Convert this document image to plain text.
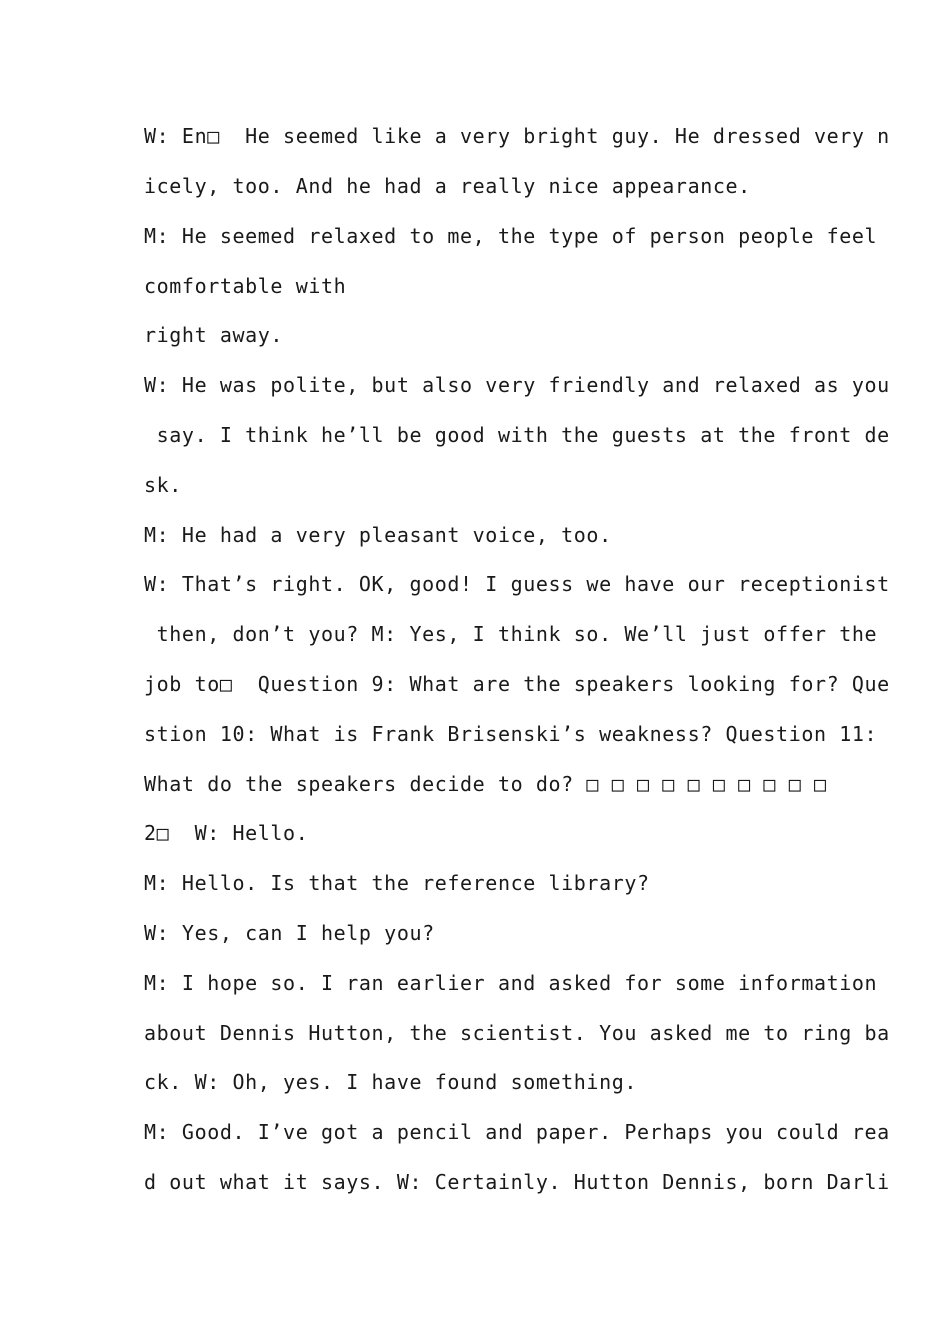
W: En□  He seemed like a very bright guy. He dressed very n
icely, too. And he had a really nice appearance.
M: He seemed relaxed to me, the type of person people feel
comfortable with
right away.
W: He was polite, but also very friendly and relaxed as you
say. I think he’ll be good with the guests at the front de
sk.
M: He had a very pleasant voice, too.
W: That’s right. OK, good! I guess we have our receptionist
then, don’t you? M: Yes, I think so. We’ll just offer the
job to□  Question 9: What are the speakers looking for? Que
stion 10: What is Frank Brisenski’s weakness? Question 11:
What do the speakers decide to do? □ □ □ □ □ □ □ □ □ □
2□  W: Hello.
M: Hello. Is that the reference library?
W: Yes, can I help you?
M: I hope so. I ran earlier and asked for some information
about Dennis Hutton, the scientist. You asked me to ring ba
ck. W: Oh, yes. I have found something.
M: Good. I’ve got a pencil and paper. Perhaps you could rea
d out what it says. W: Certainly. Hutton Dennis, born Darli
